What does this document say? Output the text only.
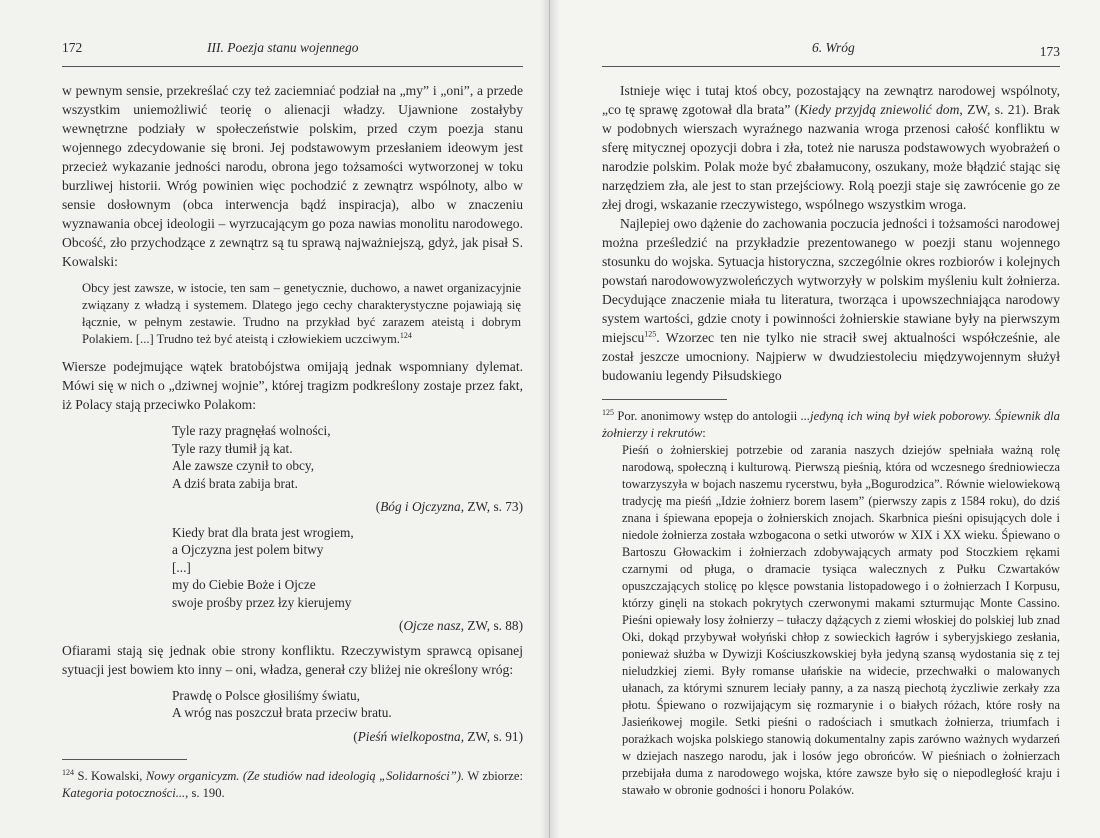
172	III. Poezja stanu wojennego

w pewnym sensie, przekreślać czy też zaciemniać podział na „my” i „oni”, a przede wszystkim uniemożliwić teorię o alienacji władzy. Ujawnione zostałyby wewnętrzne podziały w społeczeństwie polskim, przed czym poezja stanu wojennego zdecydowanie się broni. Jej podstawowym przesłaniem ideowym jest przecież wykazanie jedności narodu, obrona jego tożsamości wytworzonej w toku burzliwej historii. Wróg powinien więc pochodzić z zewnątrz wspólnoty, albo w sensie dosłownym (obca interwencja bądź inspiracja), albo w znaczeniu wyznawania obcej ideologii – wyrzucającym go poza nawias monolitu narodowego. Obcość, zło przychodzące z zewnątrz są tu sprawą najważniejszą, gdyż, jak pisał S. Kowalski:

Obcy jest zawsze, w istocie, ten sam – genetycznie, duchowo, a nawet organizacyjnie związany z władzą i systemem. Dlatego jego cechy charakterystyczne pojawiają się łącznie, w pełnym zestawie. Trudno na przykład być zarazem ateistą i dobrym Polakiem. [...] Trudno też być ateistą i człowiekiem uczciwym.$^{124}$

Wiersze podejmujące wątek bratobójstwa omijają jednak wspomniany dylemat. Mówi się w nich o „dziwnej wojnie”, której tragizm podkreślony zostaje przez fakt, iż Polacy stają przeciwko Polakom:

Tyle razy pragnęłaś wolności,
Tyle razy tłumił ją kat.
Ale zawsze czynił to obcy,
A dziś brata zabija brat.
(Bóg i Ojczyzna, ZW, s. 73)
Kiedy brat dla brata jest wrogiem,
a Ojczyzna jest polem bitwy
[...]
my do Ciebie Boże i Ojcze
swoje prośby przez łzy kierujemy
(Ojcze nasz, ZW, s. 88)

Ofiarami stają się jednak obie strony konfliktu. Rzeczywistym sprawcą opisanej sytuacji jest bowiem kto inny – oni, władza, generał czy bliżej nie określony wróg:

Prawdę o Polsce głosiliśmy światu,
A wróg nas poszczuł brata przeciw bratu.
(Pieśń wielkopostna, ZW, s. 91)

$^{124}$ S. Kowalski, Nowy organicyzm. (Ze studiów nad ideologią „Solidarności”). W zbiorze: Kategoria potoczności..., s. 190.

6. Wróg	173

Istnieje więc i tutaj ktoś obcy, pozostający na zewnątrz narodowej wspólnoty, „co tę sprawę zgotował dla brata” (Kiedy przyjdą zniewolić dom, ZW, s. 21). Brak w podobnych wierszach wyraźnego nazwania wroga przenosi całość konfliktu w sferę mitycznej opozycji dobra i zła, toteż nie narusza podstawowych wyobrażeń o narodzie polskim. Polak może być zbałamucony, oszukany, może błądzić stając się narzędziem zła, ale jest to stan przejściowy. Rolą poezji staje się zawrócenie go ze złej drogi, wskazanie rzeczywistego, wspólnego wszystkim wroga.

Najlepiej owo dążenie do zachowania poczucia jedności i tożsamości narodowej można prześledzić na przykładzie prezentowanego w poezji stanu wojennego stosunku do wojska. Sytuacja historyczna, szczególnie okres rozbiorów i kolejnych powstań narodowowyzwoleńczych wytworzyły w polskim myśleniu kult żołnierza. Decydujące znaczenie miała tu literatura, tworząca i upowszechniająca narodowy system wartości, gdzie cnoty i powinności żołnierskie stawiane były na pierwszym miejscu$^{125}$. Wzorzec ten nie tylko nie stracił swej aktualności współcześnie, ale został jeszcze umocniony. Najpierw w dwudziestoleciu międzywojennym służył budowaniu legendy Piłsudskiego

$^{125}$ Por. anonimowy wstęp do antologii ...jedyną ich winą był wiek poborowy. Śpiewnik dla żołnierzy i rekrutów:

Pieśń o żołnierskiej potrzebie od zarania naszych dziejów spełniała ważną rolę narodową, społeczną i kulturową. Pierwszą pieśnią, która od wczesnego średniowiecza towarzyszyła w bojach naszemu rycerstwu, była „Bogurodzica”. Równie wielowiekową tradycję ma pieśń „Idzie żołnierz borem lasem” (pierwszy zapis z 1584 roku), do dziś znana i śpiewana epopeja o żołnierskich znojach. Skarbnica pieśni opisujących dole i niedole żołnierza została wzbogacona o setki utworów w XIX i XX wieku. Śpiewano o Bartoszu Głowackim i żołnierzach zdobywających armaty pod Stoczkiem rękami czarnymi od pługa, o dramacie tysiąca walecznych z Pułku Czwartaków opuszczających stolicę po klęsce powstania listopadowego i o żołnierzach I Korpusu, którzy ginęli na stokach pokrytych czerwonymi makami szturmując Monte Cassino. Pieśni opiewały losy żołnierzy – tułaczy dążących z ziemi włoskiej do polskiej lub znad Oki, dokąd przybywał wołyński chłop z sowieckich łagrów i syberyjskiego zesłania, ponieważ służba w Dywizji Kościuszkowskiej była jedyną szansą wydostania się z tej nieludzkiej ziemi. Były romanse ułańskie na widecie, przechwałki o malowanych ułanach, za którymi sznurem leciały panny, a za naszą piechotą życzliwie zerkały zza płotu. Śpiewano o rozwijającym się rozmarynie i o białych różach, które rosły na Jasieńkowej mogile. Setki pieśni o radościach i smutkach żołnierza, triumfach i porażkach wojska polskiego stanowią dokumentalny zapis zarówno ważnych wydarzeń w dziejach naszego narodu, jak i losów jego obrońców. W pieśniach o żołnierzach przebijała duma z narodowego wojska, które zawsze było się o niepodległość kraju i stawało w obronie godności i honoru Polaków.
